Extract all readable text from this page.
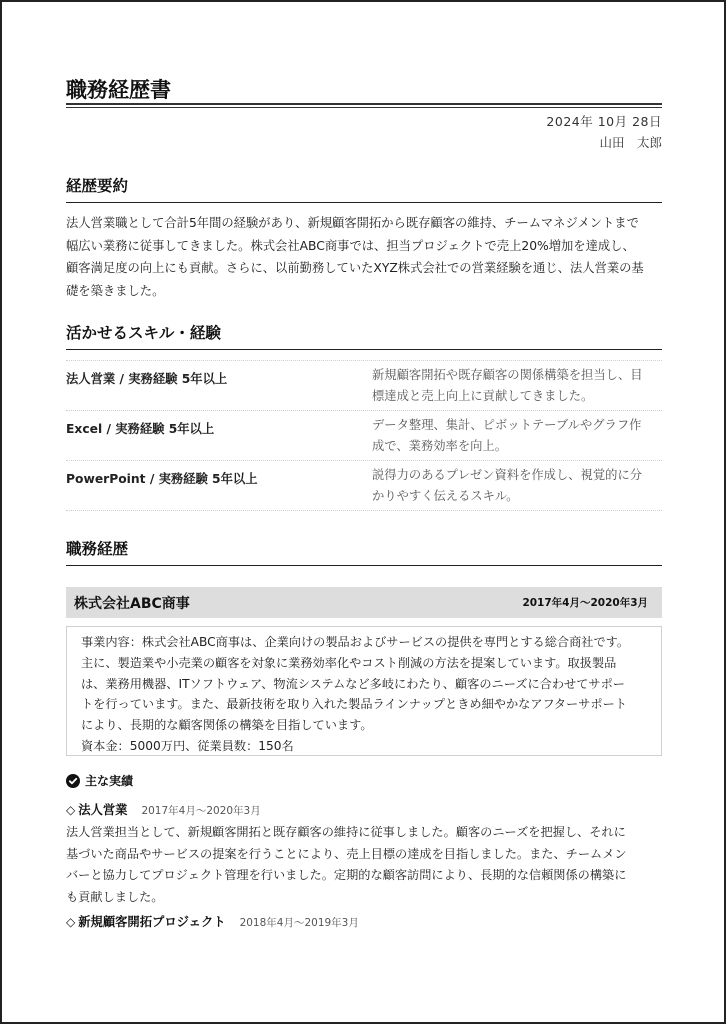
職務経歴書
2024年 10月 28日
山田　太郎
経歴要約

法人営業職として合計5年間の経験があり、新規顧客開拓から既存顧客の維持、チームマネジメントまで
幅広い業務に従事してきました。株式会社ABC商事では、担当プロジェクトで売上20%増加を達成し、
顧客満足度の向上にも貢献。さらに、以前勤務していたXYZ株式会社での営業経験を通じ、法人営業の基
礎を築きました。

活かせるスキル・経験
法人営業 / 実務経験 5年以上	新規顧客開拓や既存顧客の関係構築を担当し、目
標達成と売上向上に貢献してきました。
Excel / 実務経験 5年以上	データ整理、集計、ピボットテーブルやグラフ作
成で、業務効率を向上。
PowerPoint / 実務経験 5年以上	説得力のあるプレゼン資料を作成し、視覚的に分
かりやすく伝えるスキル。
職務経歴
株式会社ABC商事	2017年4月〜2020年3月
事業内容：株式会社ABC商事は、企業向けの製品およびサービスの提供を専門とする総合商社です。
主に、製造業や小売業の顧客を対象に業務効率化やコスト削減の方法を提案しています。取扱製品
は、業務用機器、ITソフトウェア、物流システムなど多岐にわたり、顧客のニーズに合わせてサポー
トを行っています。また、最新技術を取り入れた製品ラインナップときめ細やかなアフターサポート
により、長期的な顧客関係の構築を目指しています。
資本金：5000万円、従業員数：150名
主な実績
◇ 法人営業 2017年4月〜2020年3月

法人営業担当として、新規顧客開拓と既存顧客の維持に従事しました。顧客のニーズを把握し、それに
基づいた商品やサービスの提案を行うことにより、売上目標の達成を目指しました。また、チームメン
バーと協力してプロジェクト管理を行いました。定期的な顧客訪問により、長期的な信頼関係の構築に
も貢献しました。

◇ 新規顧客開拓プロジェクト 2018年4月〜2019年3月
